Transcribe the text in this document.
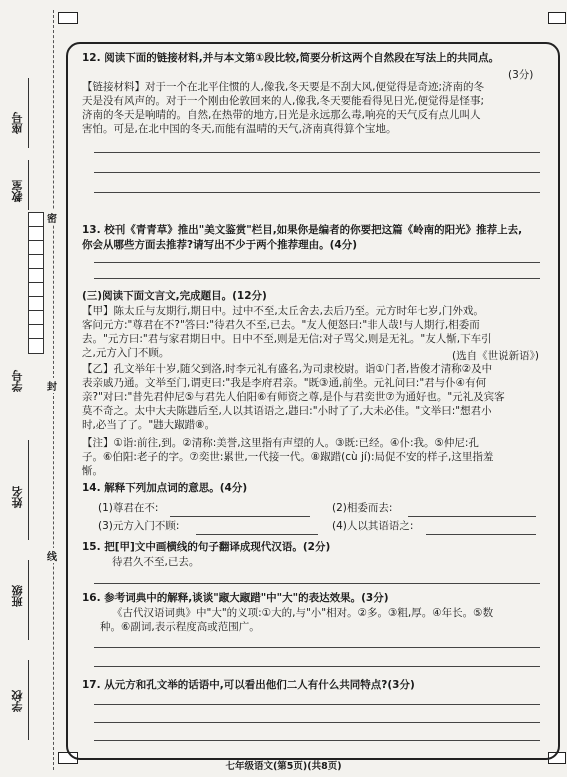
座号
教室
学号
姓名
班级
学校
密
封
线
12. 阅读下面的链接材料,并与本文第①段比较,简要分析这两个自然段在写法上的共同点。
(3分)
【链接材料】对于一个在北平住惯的人,像我,冬天要是不刮大风,便觉得是奇迹;济南的冬
天是没有风声的。对于一个刚由伦敦回来的人,像我,冬天要能看得见日光,便觉得是怪事;
济南的冬天是响晴的。自然,在热带的地方,日光是永远那么毒,响亮的天气反有点儿叫人
害怕。可是,在北中国的冬天,而能有温晴的天气,济南真得算个宝地。
13. 校刊《青青草》推出"美文鉴赏"栏目,如果你是编者的你要把这篇《岭南的阳光》推荐上去,
你会从哪些方面去推荐?请写出不少于两个推荐理由。(4分)
(三)阅读下面文言文,完成题目。(12分)
【甲】陈太丘与友期行,期日中。过中不至,太丘舍去,去后乃至。元方时年七岁,门外戏。
客问元方:"尊君在不?"答曰:"待君久不至,已去。"友人便怒曰:"非人哉!与人期行,相委而
去。"元方曰:"君与家君期日中。日中不至,则是无信;对子骂父,则是无礼。"友人惭,下车引
之,元方入门不顾。	(选自《世说新语》)
【乙】孔文举年十岁,随父到洛,时李元礼有盛名,为司隶校尉。诣①门者,皆俊才清称②及中
表亲戚乃通。文举至门,谓吏曰:"我是李府君亲。"既③通,前坐。元礼问曰:"君与仆④有何
亲?"对曰:"昔先君仲尼⑤与君先人伯阳⑥有师资之尊,是仆与君奕世⑦为通好也。"元礼及宾客
莫不奇之。太中大夫陈韪后至,人以其语语之,韪曰:"小时了了,大未必佳。"文举曰:"想君小
时,必当了了。"韪大踧踖⑧。
【注】①诣:前往,到。②清称:美誉,这里指有声望的人。③既:已经。④仆:我。⑤仲尼:孔
子。⑥伯阳:老子的字。⑦奕世:累世,一代接一代。⑧踧踖(cù jí):局促不安的样子,这里指羞
惭。
14. 解释下列加点词的意思。(4分)
(1)尊君在不:	(2)相委而去:
(3)元方入门不顾:	(4)人以其语语之:
15. 把[甲]文中画横线的句子翻译成现代汉语。(2分)
待君久不至,已去。
16. 参考词典中的解释,谈谈"踧大踧踖"中"大"的表达效果。(3分)
《古代汉语词典》中"大"的义项:①大的,与"小"相对。②多。③粗,厚。④年长。⑤数
种。⑥副词,表示程度高或范围广。
17. 从元方和孔文举的话语中,可以看出他们二人有什么共同特点?(3分)
七年级语文(第5页)(共8页)
